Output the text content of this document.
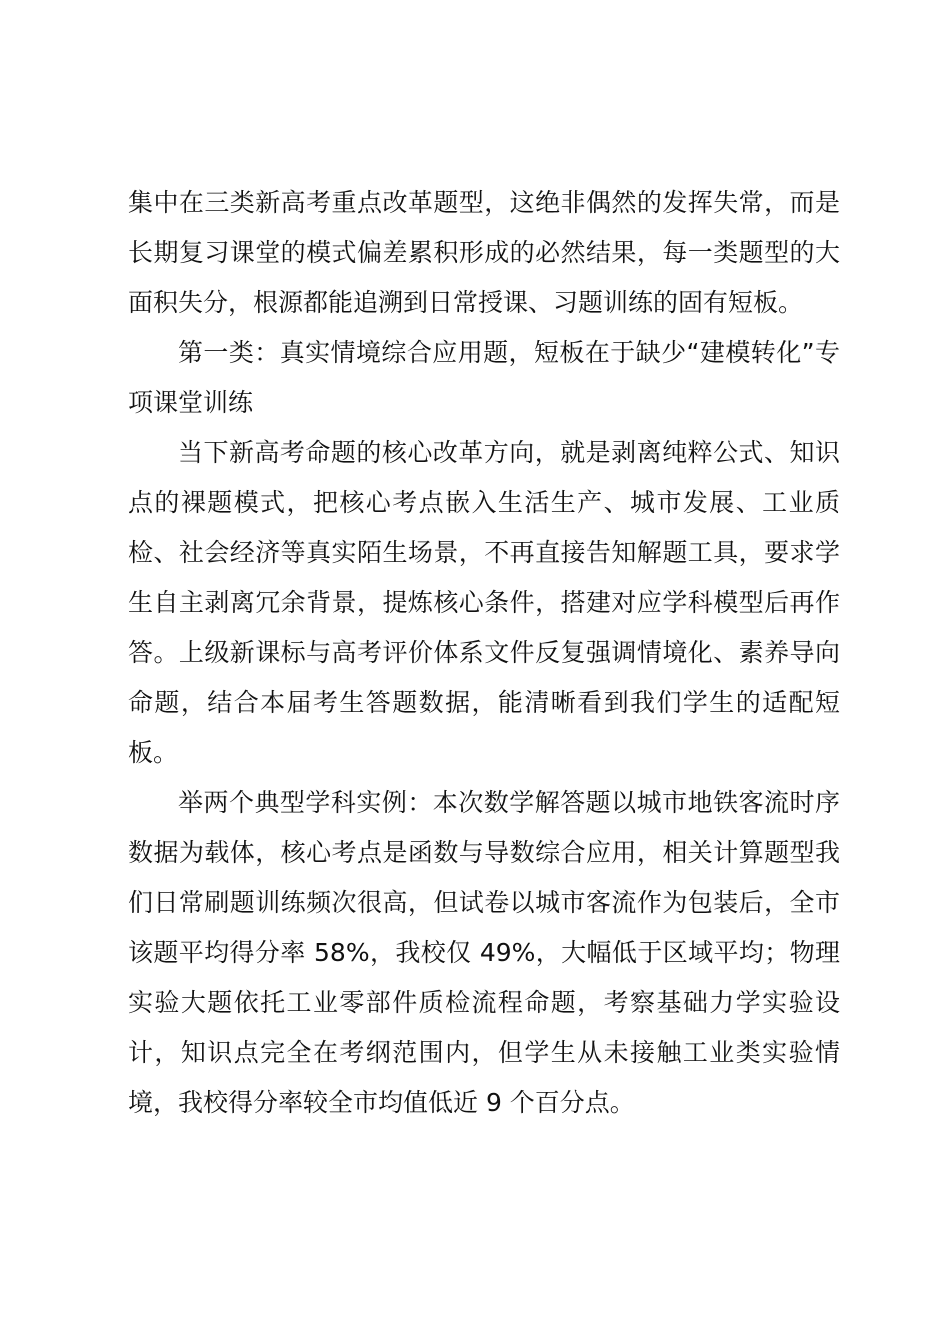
集中在三类新高考重点改革题型，这绝非偶然的发挥失常，而是长期复习课堂的模式偏差累积形成的必然结果，每一类题型的大面积失分，根源都能追溯到日常授课、习题训练的固有短板。

第一类：真实情境综合应用题，短板在于缺少“建模转化”专项课堂训练

当下新高考命题的核心改革方向，就是剥离纯粹公式、知识点的裸题模式，把核心考点嵌入生活生产、城市发展、工业质检、社会经济等真实陌生场景，不再直接告知解题工具，要求学生自主剥离冗余背景，提炼核心条件，搭建对应学科模型后再作答。上级新课标与高考评价体系文件反复强调情境化、素养导向命题，结合本届考生答题数据，能清晰看到我们学生的适配短板。

举两个典型学科实例：本次数学解答题以城市地铁客流时序数据为载体，核心考点是函数与导数综合应用，相关计算题型我们日常刷题训练频次很高，但试卷以城市客流作为包装后，全市该题平均得分率 58%，我校仅 49%，大幅低于区域平均；物理实验大题依托工业零部件质检流程命题，考察基础力学实验设计，知识点完全在考纲范围内，但学生从未接触工业类实验情境，我校得分率较全市均值低近 9 个百分点。
